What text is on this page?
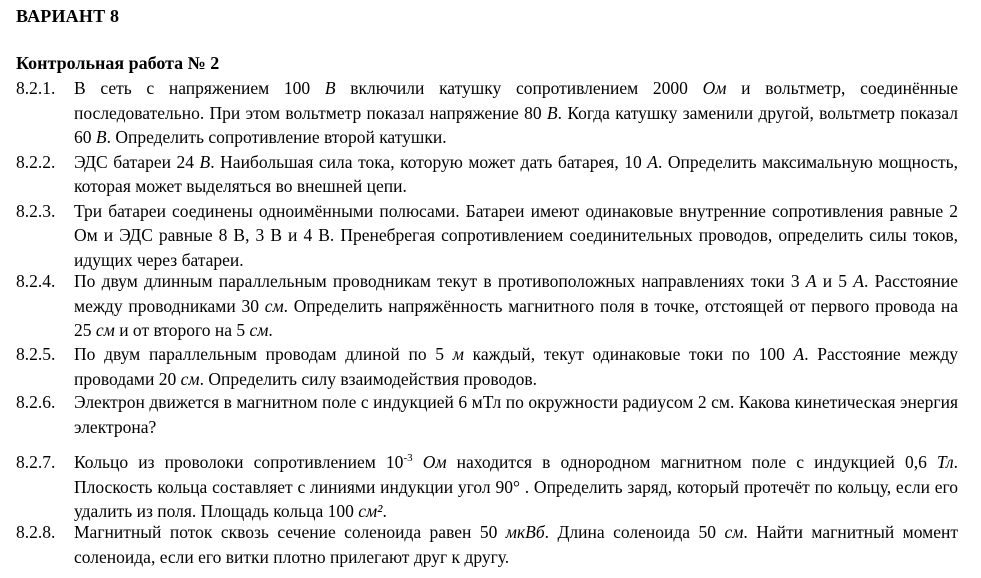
ВАРИАНТ 8
Контрольная работа № 2
8.2.1. В сеть с напряжением 100 В включили катушку сопротивлением 2000 Ом и вольтметр, соединённые последовательно. При этом вольтметр показал напряжение 80 В. Когда катушку заменили другой, вольтметр показал 60 В. Определить сопротивление второй катушки.
8.2.2. ЭДС батареи 24 В. Наибольшая сила тока, которую может дать батарея, 10 А. Определить максимальную мощность, которая может выделяться во внешней цепи.
8.2.3. Три батареи соединены одноимёнными полюсами. Батареи имеют одинаковые внутренние сопротивления равные 2 Ом и ЭДС равные 8 В, 3 В и 4 В. Пренебрегая сопротивлением соединительных проводов, определить силы токов, идущих через батареи.
8.2.4. По двум длинным параллельным проводникам текут в противоположных направлениях токи 3 А и 5 А. Расстояние между проводниками 30 см. Определить напряжённость магнитного поля в точке, отстоящей от первого провода на 25 см и от второго на 5 см.
8.2.5. По двум параллельным проводам длиной по 5 м каждый, текут одинаковые токи по 100 А. Расстояние между проводами 20 см. Определить силу взаимодействия проводов.
8.2.6. Электрон движется в магнитном поле с индукцией 6 мТл по окружности радиусом 2 см. Какова кинетическая энергия электрона?
8.2.7. Кольцо из проволоки сопротивлением $10^{-3}$ Ом находится в однородном магнитном поле с индукцией 0,6 Тл. Плоскость кольца составляет с линиями индукции угол 90° . Определить заряд, который протечёт по кольцу, если его удалить из поля. Площадь кольца 100 см².
8.2.8. Магнитный поток сквозь сечение соленоида равен 50 мкВб. Длина соленоида 50 см. Найти магнитный момент соленоида, если его витки плотно прилегают друг к другу.
